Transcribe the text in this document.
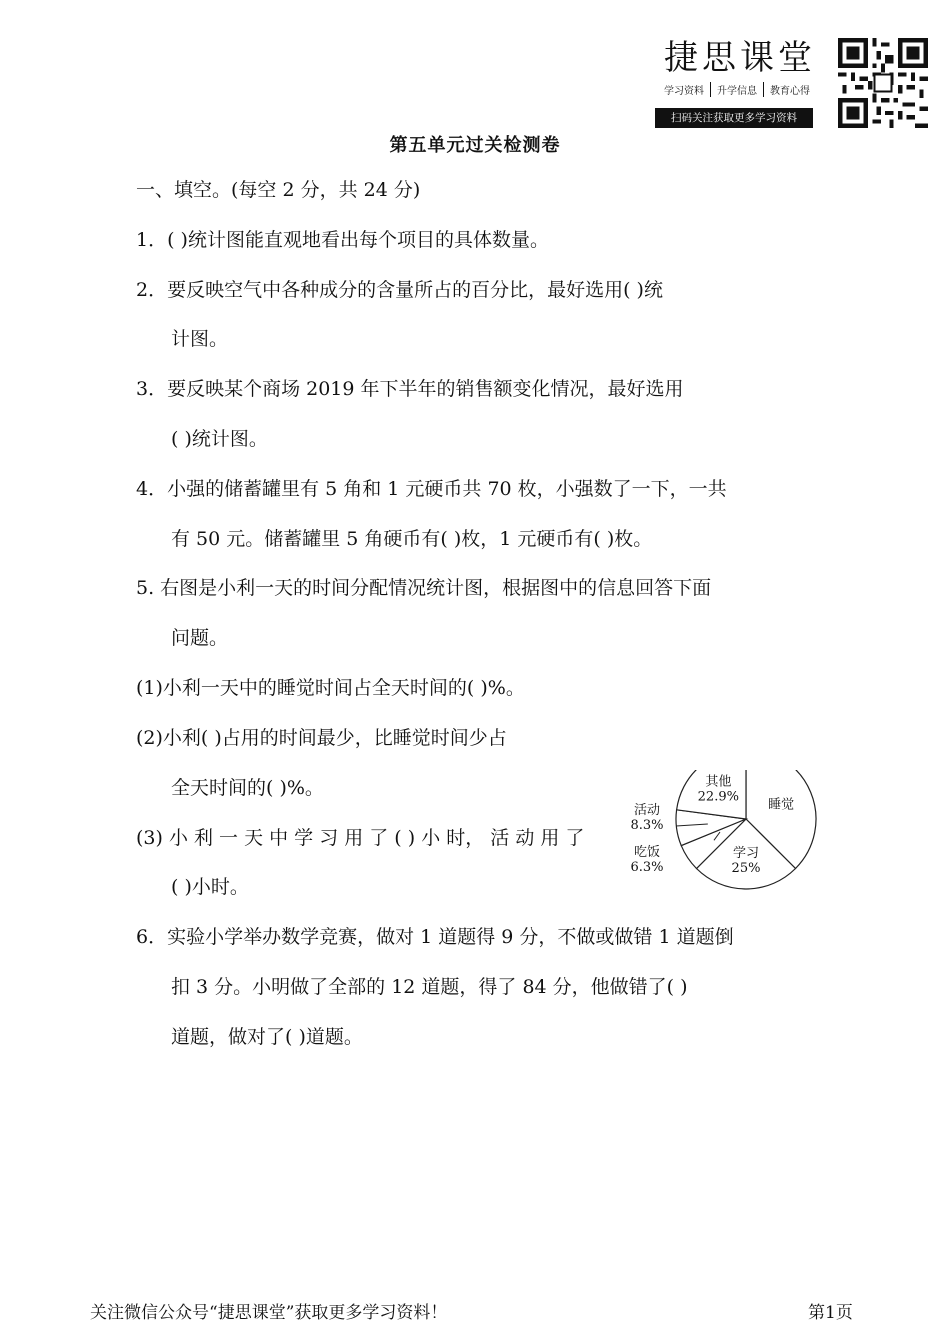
捷思课堂
学习资料	升学信息	教育心得
扫码关注获取更多学习资料
第五单元过关检测卷
一、填空。(每空 2 分，共 24 分)
1．( )统计图能直观地看出每个项目的具体数量。
2．要反映空气中各种成分的含量所占的百分比，最好选用( )统
计图。
3．要反映某个商场 2019 年下半年的销售额变化情况，最好选用
( )统计图。
4．小强的储蓄罐里有 5 角和 1 元硬币共 70 枚，小强数了一下，一共
有 50 元。储蓄罐里 5 角硬币有( )枚，1 元硬币有( )枚。
5. 右图是小利一天的时间分配情况统计图，根据图中的信息回答下面
问题。
(1)小利一天中的睡觉时间占全天时间的( )%。
(2)小利( )占用的时间最少，比睡觉时间少占
全天时间的( )%。
(3) 小 利 一 天 中 学 习 用 了 ( ) 小 时， 活 动 用 了
( )小时。
6．实验小学举办数学竞赛，做对 1 道题得 9 分，不做或做错 1 道题倒
扣 3 分。小明做了全部的 12 道题，得了 84 分，他做错了( )
道题，做对了( )道题。
睡觉
学习
25%
吃饭
6.3%
活动
8.3%
其他
22.9%
关注微信公众号“捷思课堂”获取更多学习资料！	第1页
